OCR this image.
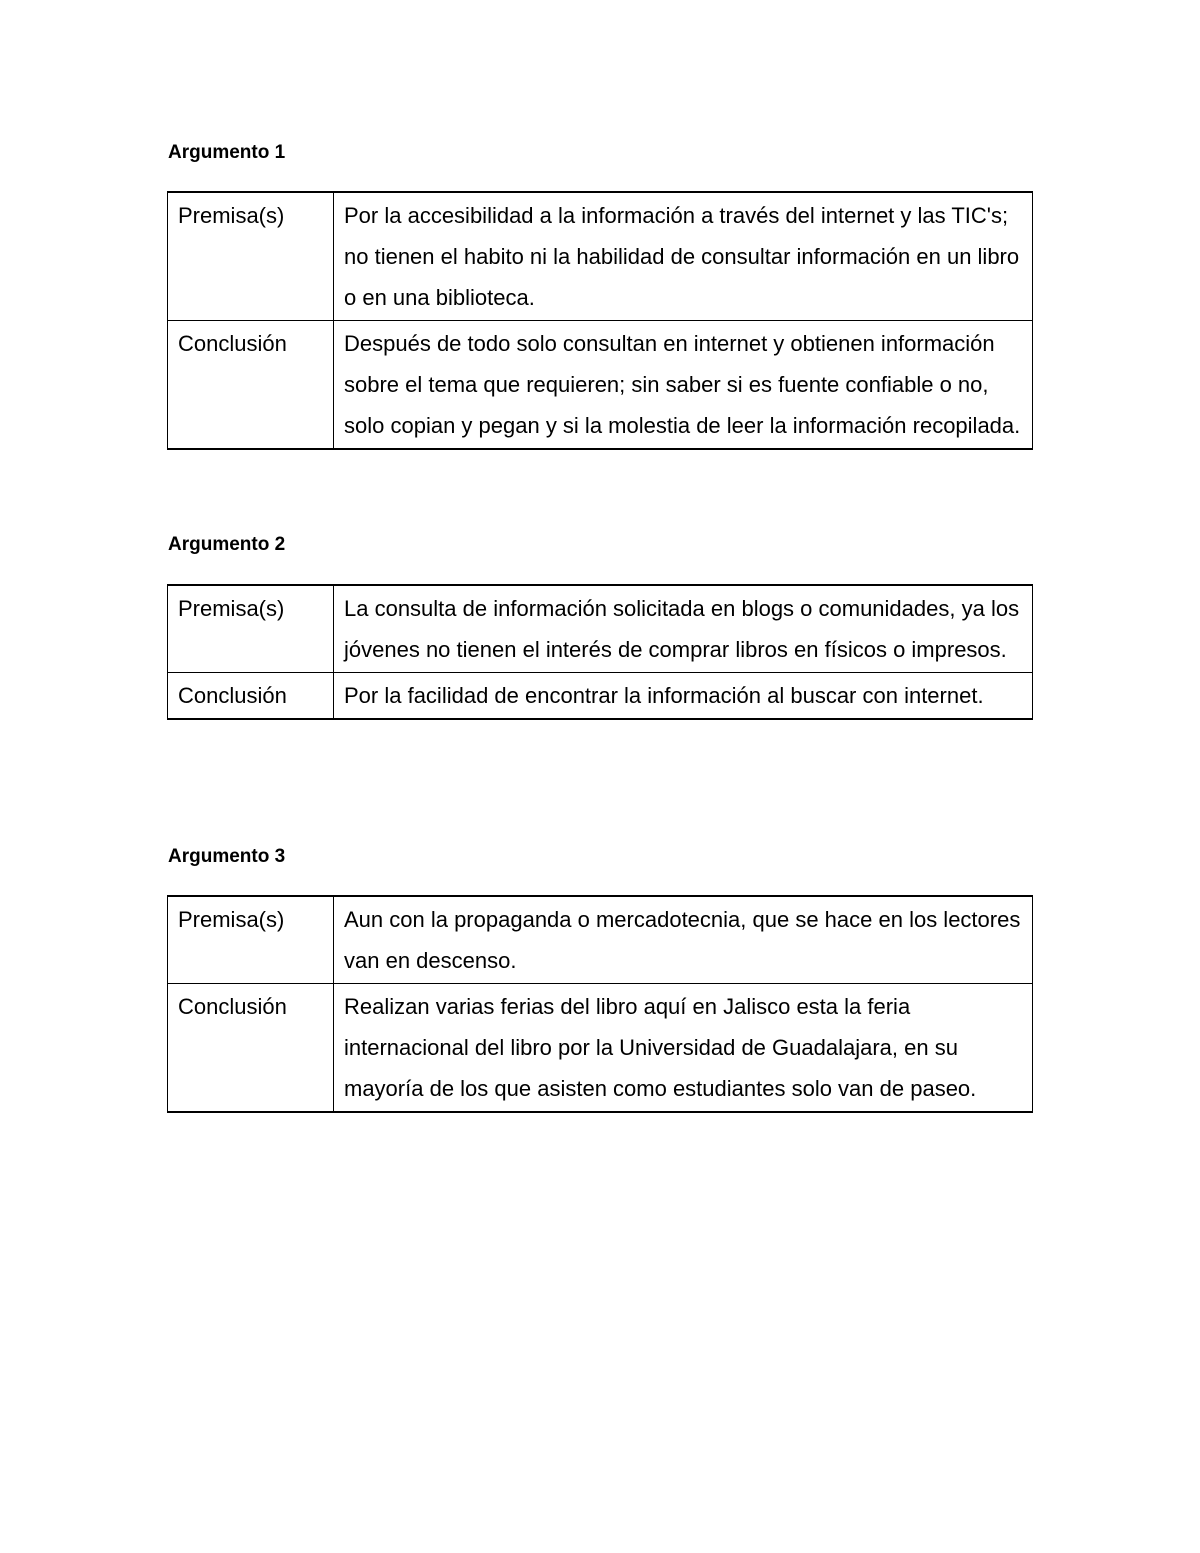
Argumento 1
Premisa(s)	Por la accesibilidad a la información a través del internet y las TIC's; no tienen el habito ni la habilidad de consultar información en un libro o en una biblioteca.
Conclusión	Después de todo solo consultan en internet y obtienen información sobre el tema que requieren; sin saber si es fuente confiable o no, solo copian y pegan y si la molestia de leer la información recopilada.
Argumento 2
Premisa(s)	La consulta de información solicitada en blogs o comunidades, ya los jóvenes no tienen el interés de comprar libros en físicos o impresos.
Conclusión	Por la facilidad de encontrar la información al buscar con internet.
Argumento 3
Premisa(s)	Aun con la propaganda o mercadotecnia, que se hace en los lectores van en descenso.
Conclusión	Realizan varias ferias del libro aquí en Jalisco esta la feria internacional del libro por la Universidad de Guadalajara, en su mayoría de los que asisten como estudiantes solo van de paseo.
